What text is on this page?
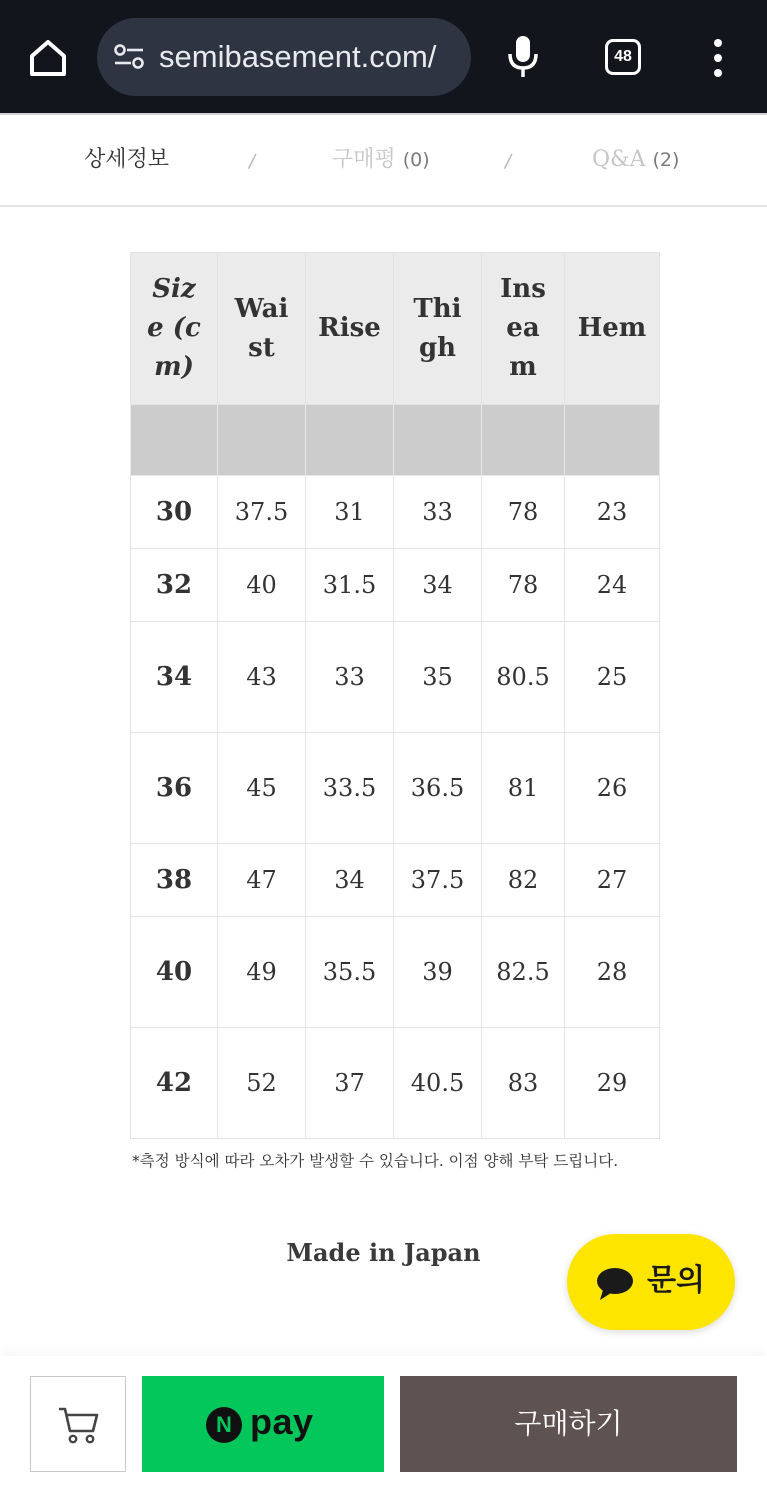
semibasement.com/	48
상세정보	/	구매평 (0)	/	Q&A (2)
Size (cm)	Waist	Rise	Thigh	Inseam	Hem

30	37.5	31	33	78	23
32	40	31.5	34	78	24
34	43	33	35	80.5	25
36	45	33.5	36.5	81	26
38	47	34	37.5	82	27
40	49	35.5	39	82.5	28
42	52	37	40.5	83	29
*측정 방식에 따라 오차가 발생할 수 있습니다. 이점 양해 부탁 드립니다.
Made in Japan
문의
N pay	구매하기
